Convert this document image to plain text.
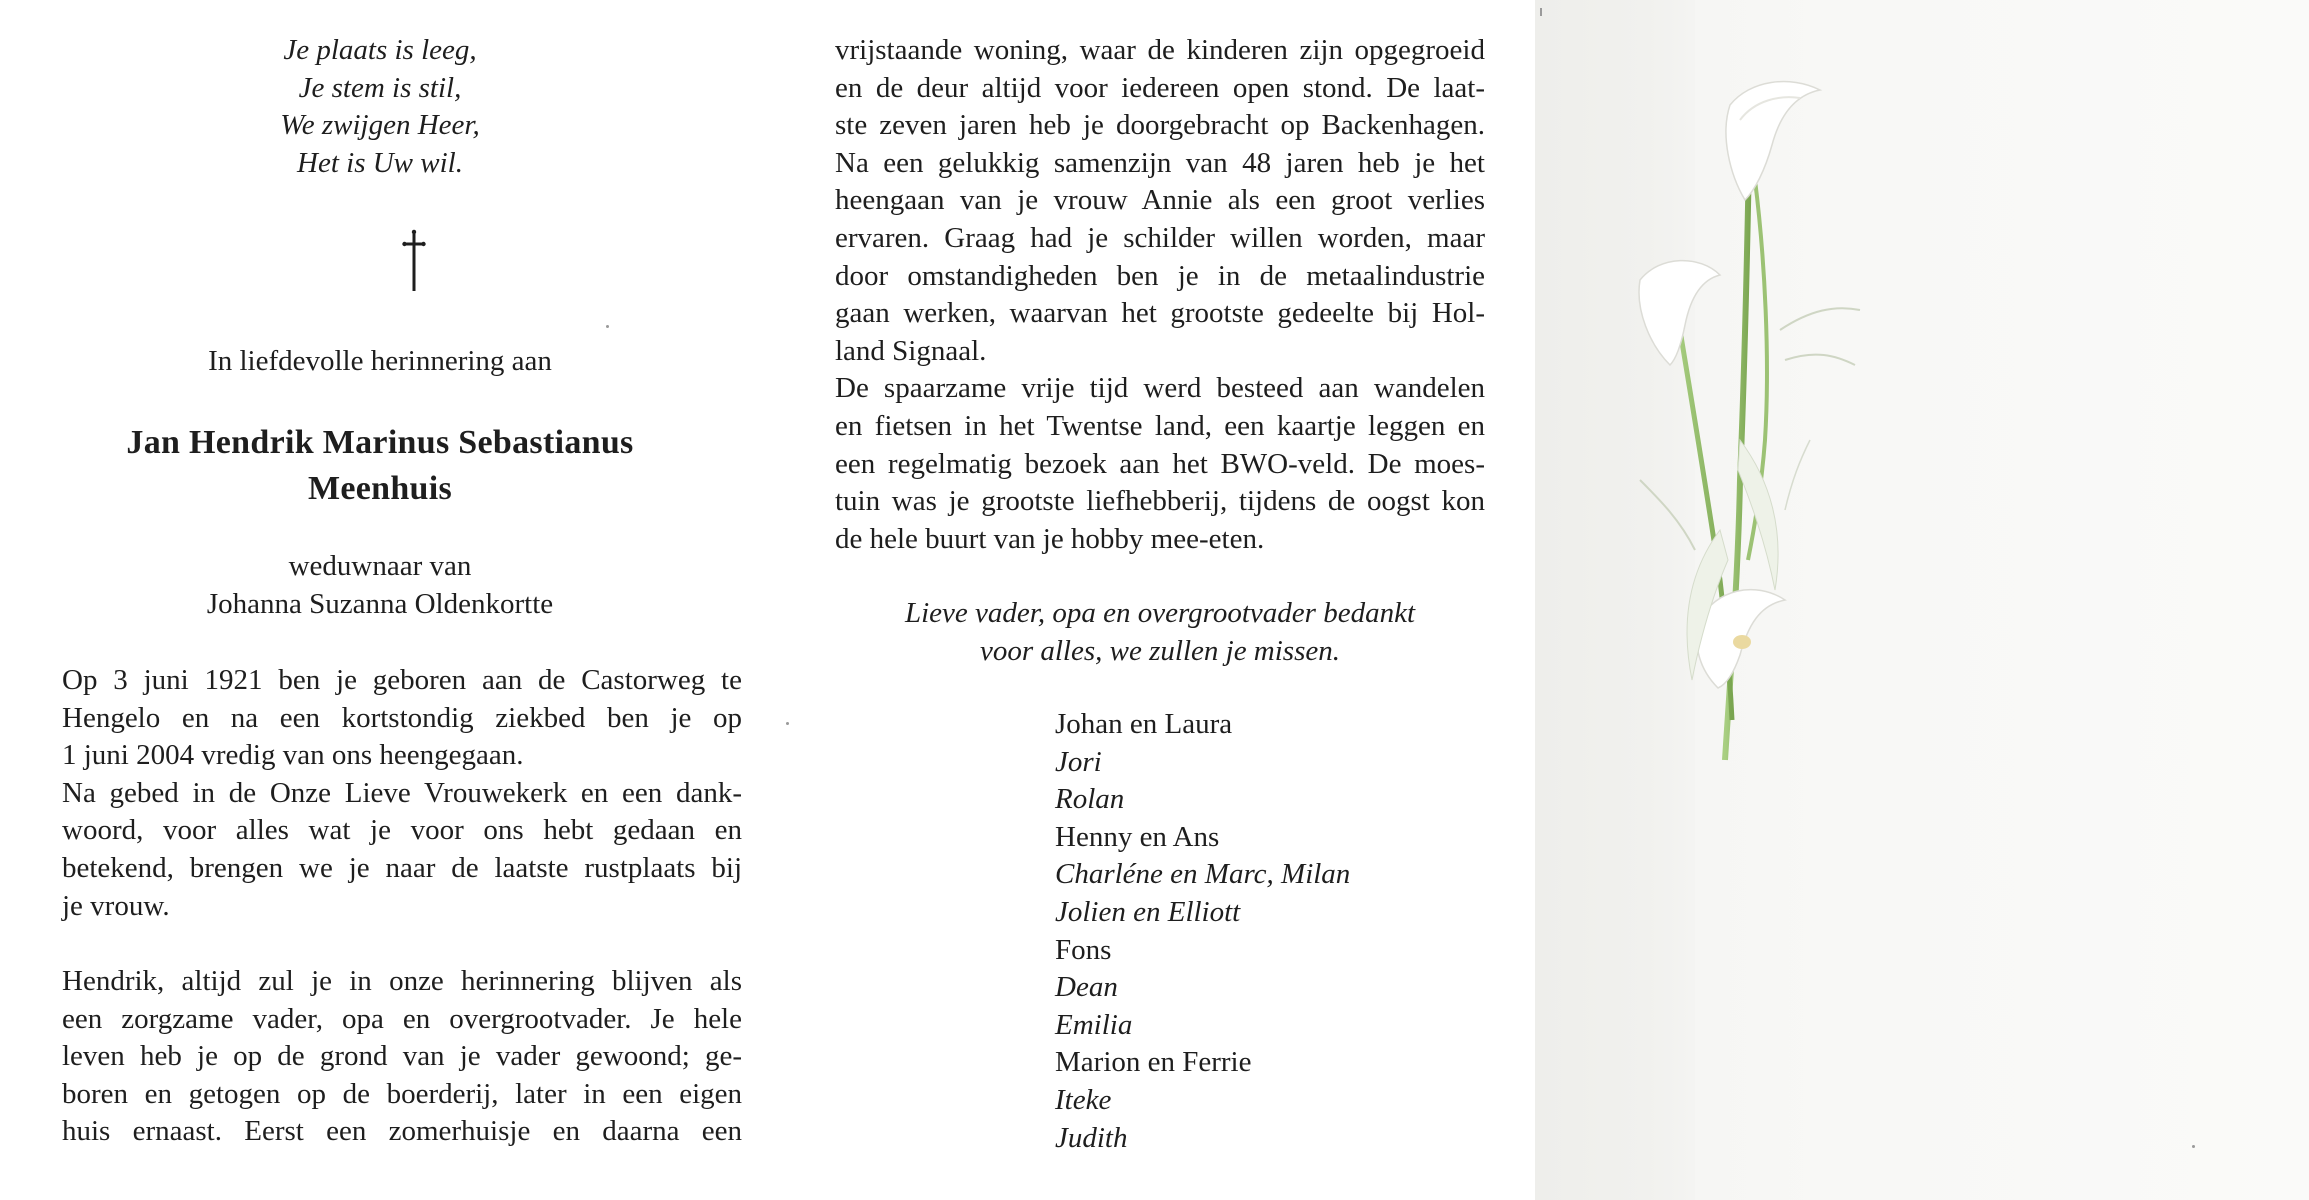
Je plaats is leeg,
Je stem is stil,
We zwijgen Heer,
Het is Uw wil.
In liefdevolle herinnering aan
Jan Hendrik Marinus Sebastianus
Meenhuis
weduwnaar van
Johanna Suzanna Oldenkortte
Op 3 juni 1921 ben je geboren aan de Castorweg te
Hengelo en na een kortstondig ziekbed ben je op
1 juni 2004 vredig van ons heengegaan.
Na gebed in de Onze Lieve Vrouwekerk en een dank-
woord, voor alles wat je voor ons hebt gedaan en
betekend, brengen we je naar de laatste rustplaats bij
je vrouw.
Hendrik, altijd zul je in onze herinnering blijven als
een zorgzame vader, opa en overgrootvader. Je hele
leven heb je op de grond van je vader gewoond; ge-
boren en getogen op de boerderij, later in een eigen
huis ernaast. Eerst een zomerhuisje en daarna een
vrijstaande woning, waar de kinderen zijn opgegroeid
en de deur altijd voor iedereen open stond. De laat-
ste zeven jaren heb je doorgebracht op Backenhagen.
Na een gelukkig samenzijn van 48 jaren heb je het
heengaan van je vrouw Annie als een groot verlies
ervaren. Graag had je schilder willen worden, maar
door omstandigheden ben je in de metaalindustrie
gaan werken, waarvan het grootste gedeelte bij Hol-
land Signaal.
De spaarzame vrije tijd werd besteed aan wandelen
en fietsen in het Twentse land, een kaartje leggen en
een regelmatig bezoek aan het BWO-veld. De moes-
tuin was je grootste liefhebberij, tijdens de oogst kon
de hele buurt van je hobby mee-eten.
Lieve vader, opa en overgrootvader bedankt
voor alles, we zullen je missen.
Johan en Laura
Jori
Rolan
Henny en Ans
Charléne en Marc, Milan
Jolien en Elliott
Fons
Dean
Emilia
Marion en Ferrie
Iteke
Judith
